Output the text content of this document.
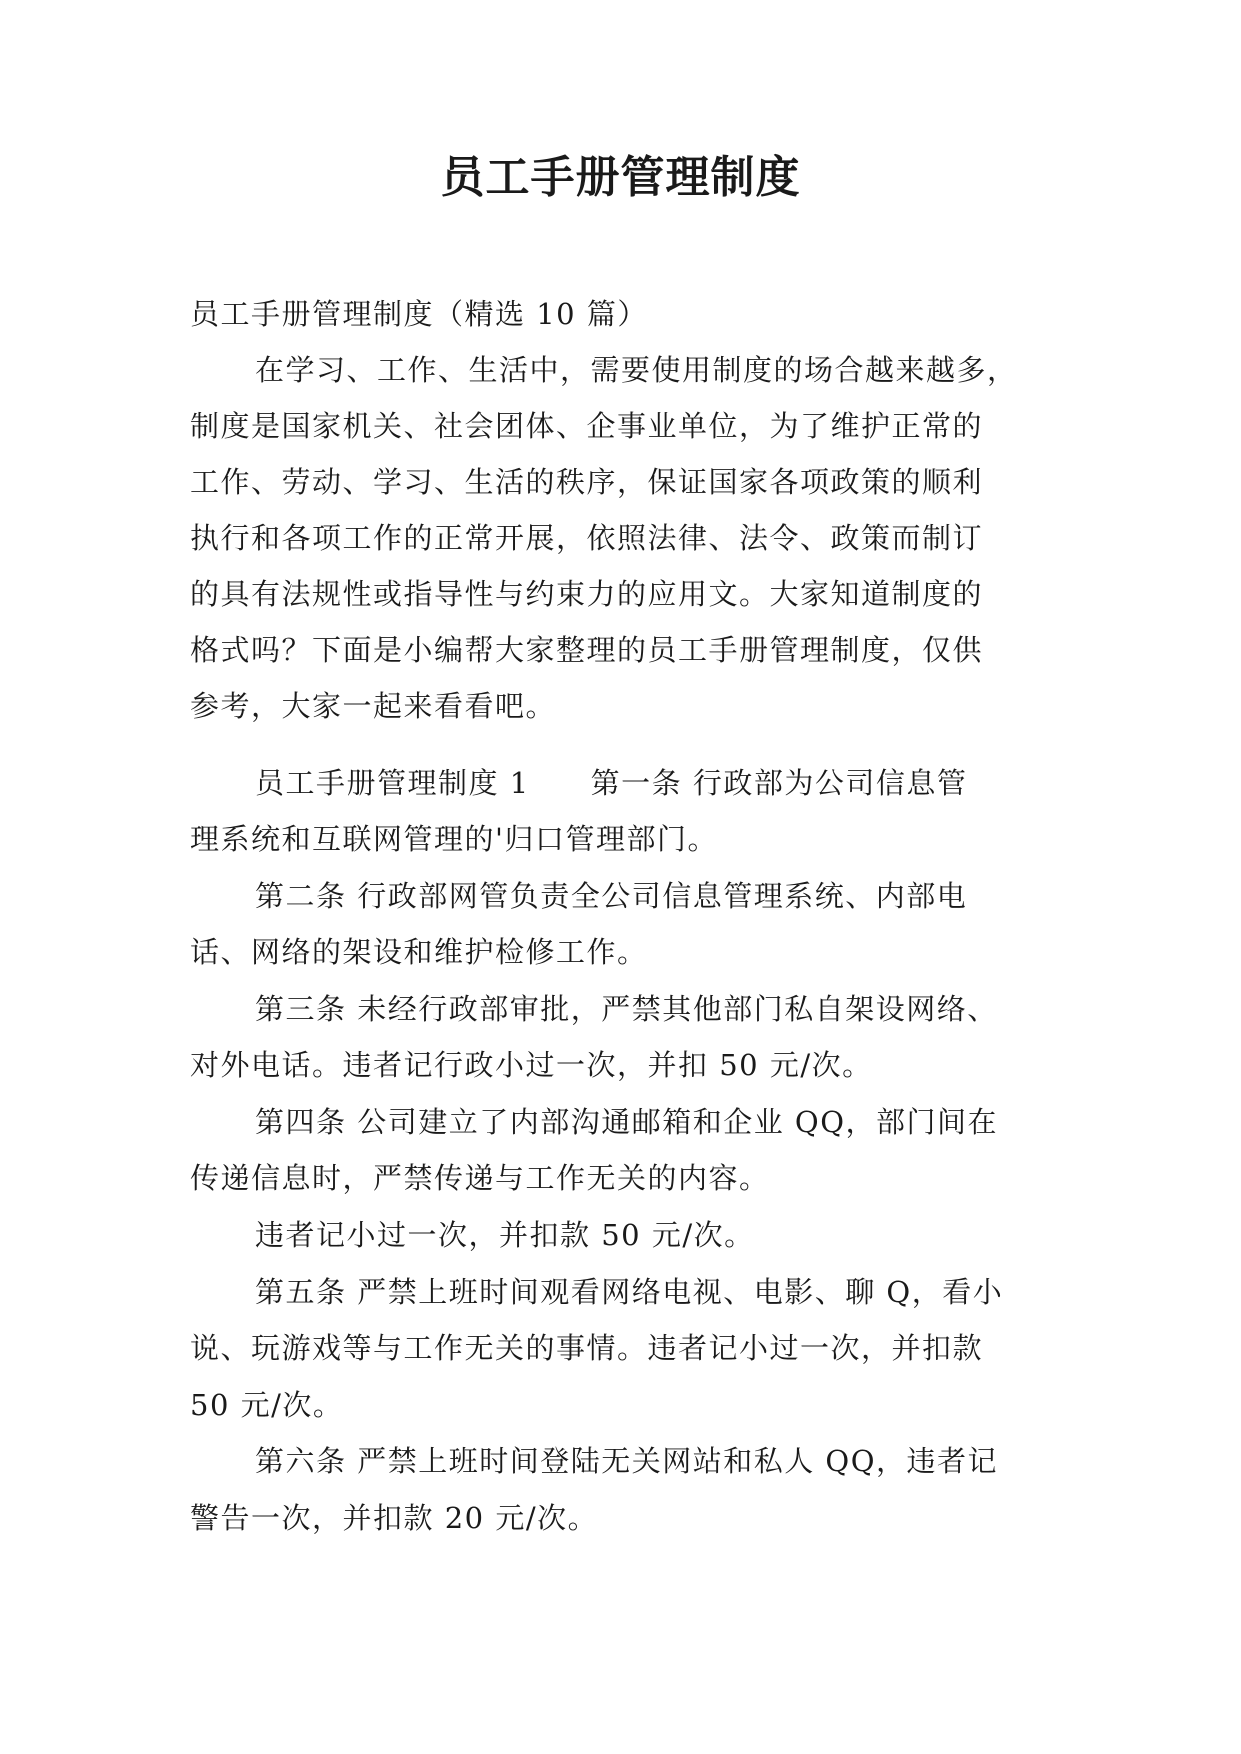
员工手册管理制度
员工手册管理制度（精选 10 篇）
在学习、工作、生活中，需要使用制度的场合越来越多，
制度是国家机关、社会团体、企事业单位，为了维护正常的
工作、劳动、学习、生活的秩序，保证国家各项政策的顺利
执行和各项工作的正常开展，依照法律、法令、政策而制订
的具有法规性或指导性与约束力的应用文。大家知道制度的
格式吗？下面是小编帮大家整理的员工手册管理制度，仅供
参考，大家一起来看看吧。
员工手册管理制度 1　　第一条 行政部为公司信息管
理系统和互联网管理的'归口管理部门。
第二条 行政部网管负责全公司信息管理系统、内部电
话、网络的架设和维护检修工作。
第三条 未经行政部审批，严禁其他部门私自架设网络、
对外电话。违者记行政小过一次，并扣 50 元/次。
第四条 公司建立了内部沟通邮箱和企业 QQ，部门间在
传递信息时，严禁传递与工作无关的内容。
违者记小过一次，并扣款 50 元/次。
第五条 严禁上班时间观看网络电视、电影、聊 Q，看小
说、玩游戏等与工作无关的事情。违者记小过一次，并扣款
50 元/次。
第六条 严禁上班时间登陆无关网站和私人 QQ，违者记
警告一次，并扣款 20 元/次。
